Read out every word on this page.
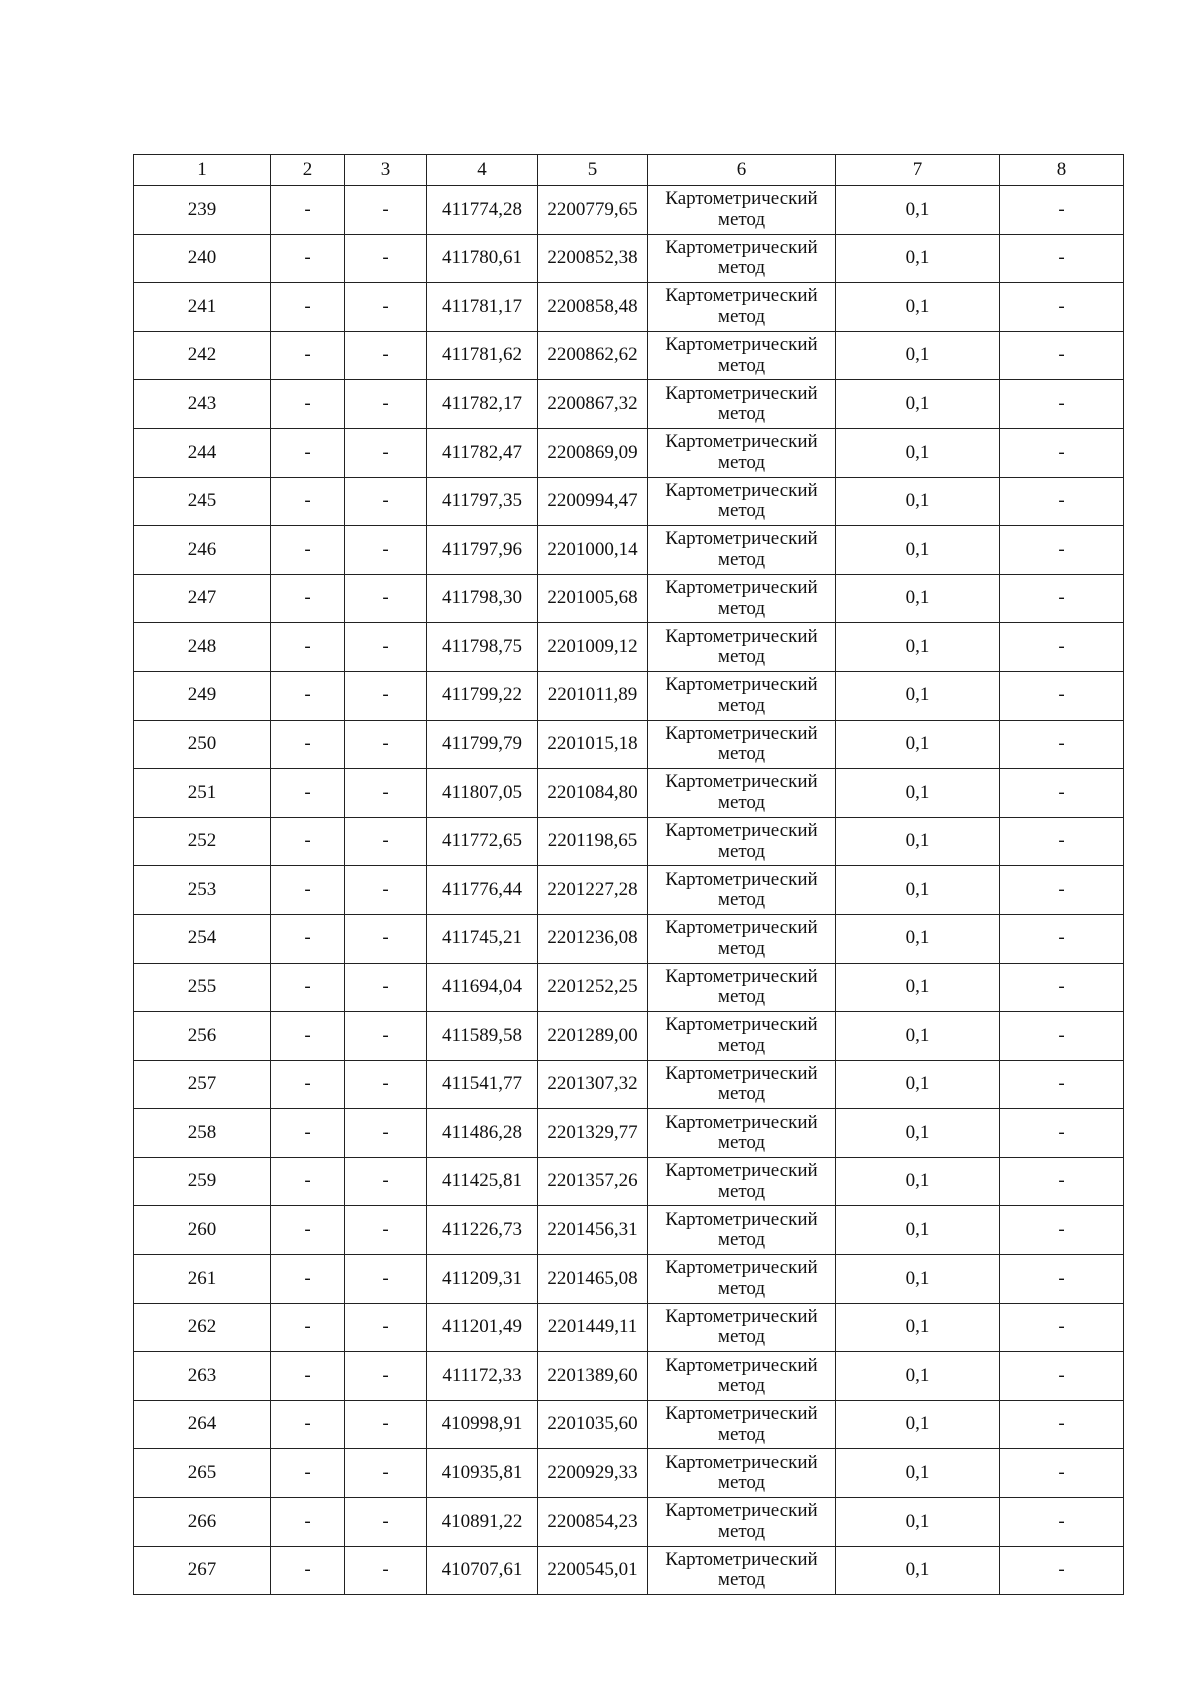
1	2	3	4	5	6	7	8
239	-	-	411774,28	2200779,65	Картометрический метод	0,1	-
240	-	-	411780,61	2200852,38	Картометрический метод	0,1	-
241	-	-	411781,17	2200858,48	Картометрический метод	0,1	-
242	-	-	411781,62	2200862,62	Картометрический метод	0,1	-
243	-	-	411782,17	2200867,32	Картометрический метод	0,1	-
244	-	-	411782,47	2200869,09	Картометрический метод	0,1	-
245	-	-	411797,35	2200994,47	Картометрический метод	0,1	-
246	-	-	411797,96	2201000,14	Картометрический метод	0,1	-
247	-	-	411798,30	2201005,68	Картометрический метод	0,1	-
248	-	-	411798,75	2201009,12	Картометрический метод	0,1	-
249	-	-	411799,22	2201011,89	Картометрический метод	0,1	-
250	-	-	411799,79	2201015,18	Картометрический метод	0,1	-
251	-	-	411807,05	2201084,80	Картометрический метод	0,1	-
252	-	-	411772,65	2201198,65	Картометрический метод	0,1	-
253	-	-	411776,44	2201227,28	Картометрический метод	0,1	-
254	-	-	411745,21	2201236,08	Картометрический метод	0,1	-
255	-	-	411694,04	2201252,25	Картометрический метод	0,1	-
256	-	-	411589,58	2201289,00	Картометрический метод	0,1	-
257	-	-	411541,77	2201307,32	Картометрический метод	0,1	-
258	-	-	411486,28	2201329,77	Картометрический метод	0,1	-
259	-	-	411425,81	2201357,26	Картометрический метод	0,1	-
260	-	-	411226,73	2201456,31	Картометрический метод	0,1	-
261	-	-	411209,31	2201465,08	Картометрический метод	0,1	-
262	-	-	411201,49	2201449,11	Картометрический метод	0,1	-
263	-	-	411172,33	2201389,60	Картометрический метод	0,1	-
264	-	-	410998,91	2201035,60	Картометрический метод	0,1	-
265	-	-	410935,81	2200929,33	Картометрический метод	0,1	-
266	-	-	410891,22	2200854,23	Картометрический метод	0,1	-
267	-	-	410707,61	2200545,01	Картометрический метод	0,1	-
